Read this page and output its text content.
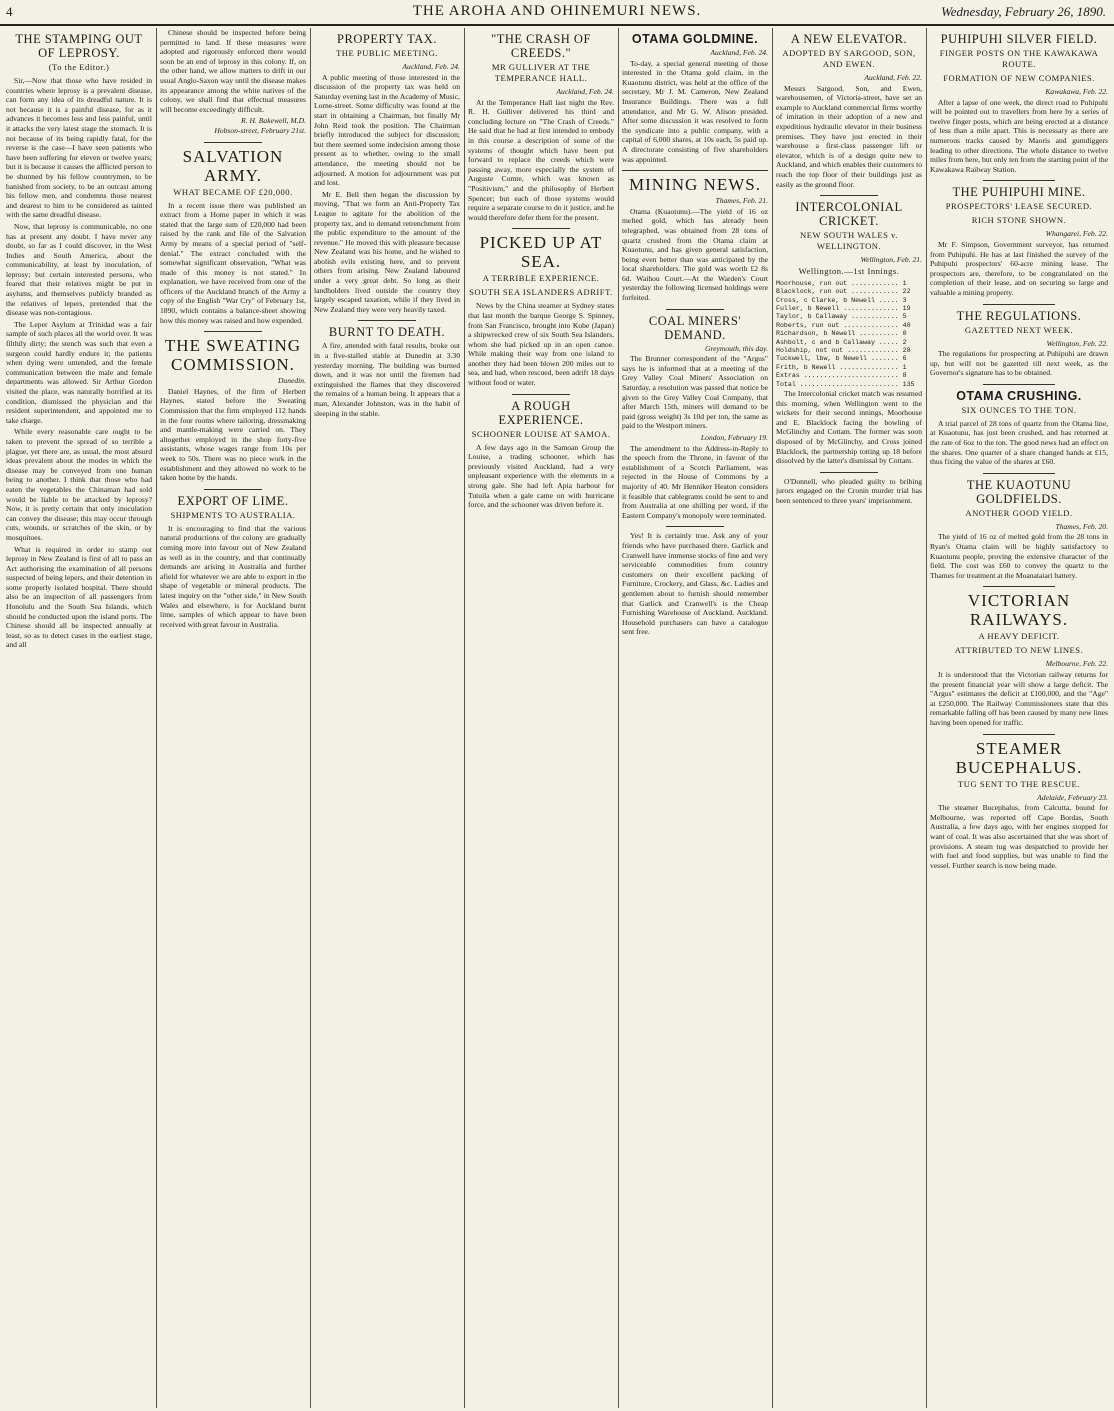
4	THE AROHA AND OHINEMURI NEWS.	Wednesday, February 26, 1890.
THE STAMPING OUT OF LEPROSY.
(To the Editor.)

Sir,—Now that those who have resided in countries where leprosy is a prevalent disease, can form any idea of its dreadful nature. It is not because it is a painful disease, for as it advances it becomes less and less painful, until it attacks the very latest stage the stomach. It is not because of its being rapidly fatal, for the reverse is the case—I have seen patients who have been suffering for eleven or twelve years; but it is because it causes the afflicted person to be shunned by his fellow countrymen, to be banished from society, to be an outcast among his fellow men, and condemns those nearest and dearest to him to be considered as tainted with the same dreadful disease.

Now, that leprosy is communicable, no one has at present any doubt. I have never any doubt, so far as I could discover, in the West Indies and South America, about the communicability, at least by inoculation, of leprosy; but certain interested persons, who feared that their relatives might be put in asylums, and themselves publicly branded as the relatives of lepers, pretended that the disease was non-contagious.

The Leper Asylum at Trinidad was a fair sample of such places all the world over. It was filthily dirty; the stench was such that even a surgeon could hardly endure it; the patients when dying were untended, and the female communication between the male and female departments was allowed. Sir Arthur Gordon visited the place, was naturally horrified at its condition, dismissed the physician and the resident superintendent, and appointed me to take charge.

While every reasonable care ought to be taken to prevent the spread of so terrible a plague, yet there are, as usual, the most absurd ideas prevalent about the modes in which the disease may be conveyed from one human being to another. I think that those who had eaten the vegetables the Chinaman had sold would be liable to be attacked by leprosy? Now, it is pretty certain that only inoculation can convey the disease; this may occur through cuts, wounds, or scratches of the skin, or by mosquitoes.

What is required in order to stamp out leprosy in New Zealand is first of all to pass an Act authorising the examination of all persons suspected of being lepers, and their detention in some properly isolated hospital. There should also be an inspection of all passengers from Honolulu and the South Sea Islands, which should be conducted upon the island ports. The Chinese should all be inspected annually at least, so as to detect cases in the earliest stage, and all

Chinese should be inspected before being permitted to land. If these measures were adopted and rigorously enforced there would soon be an end of leprosy in this colony. If, on the other hand, we allow matters to drift in our usual Anglo-Saxon way until the disease makes its appearance among the white natives of the colony, we shall find that effectual measures will become exceedingly difficult.

R. H. Bakewell, M.D.
Hobson-street, February 21st.
SALVATION ARMY.
WHAT BECAME OF £20,000.

In a recent issue there was published an extract from a Home paper in which it was stated that the large sum of £20,000 had been raised by the rank and file of the Salvation Army by means of a special period of "self-denial." The extract concluded with the somewhat significant observation, "What was made of this money is not stated." In explanation, we have received from one of the officers of the Auckland branch of the Army a copy of the English "War Cry" of February 1st, 1890, which contains a balance-sheet showing how this money was raised and how expended.

THE SWEATING COMMISSION.
Dunedin.

Daniel Haynes, of the firm of Herbert Haynes, stated before the Sweating Commission that the firm employed 112 hands in the four rooms where tailoring, dressmaking and mantle-making were carried on. They altogether employed in the shop forty-five assistants, whose wages range from 10s per week to 50s. There was no piece work in the establishment and they allowed no work to be taken home by the hands.

EXPORT OF LIME.
SHIPMENTS TO AUSTRALIA.

It is encouraging to find that the various natural productions of the colony are gradually coming more into favour out of New Zealand as well as in the country, and that continually demands are arising in Australia and further afield for whatever we are able to export in the shape of vegetable or mineral products. The latest inquiry on the "other side," in New South Wales and elsewhere, is for Auckland burnt lime, samples of which appear to have been received with great favour in Australia.

PROPERTY TAX.
THE PUBLIC MEETING.
Auckland, Feb. 24.

A public meeting of those interested in the discussion of the property tax was held on Saturday evening last in the Academy of Music, Lorne-street. Some difficulty was found at the start in obtaining a Chairman, but finally Mr John Reid took the position. The Chairman briefly introduced the subject for discussion; but there seemed some indecision among those present as to whether, owing to the small attendance, the meeting should not be adjourned. A motion for adjournment was put and lost.

Mr E. Bell then began the discussion by moving, "That we form an Anti-Property Tax League to agitate for the abolition of the property tax, and to demand retrenchment from the public expenditure to the amount of the revenue." He moved this with pleasure because New Zealand was his home, and he wished to abolish evils existing here, and to prevent others from arising. New Zealand laboured under a very great debt. So long as their landholders lived outside the country they largely escaped taxation, while if they lived in New Zealand they were very heavily taxed.

BURNT TO DEATH.

A fire, attended with fatal results, broke out in a five-stalled stable at Dunedin at 3.30 yesterday morning. The building was burned down, and it was not until the firemen had extinguished the flames that they discovered the remains of a human being. It appears that a man, Alexander Johnston, was in the habit of sleeping in the stable.

"THE CRASH OF CREEDS."
MR GULLIVER AT THE TEMPERANCE HALL.
Auckland, Feb. 24.

At the Temperance Hall last night the Rev. R. H. Gulliver delivered his third and concluding lecture on "The Crash of Creeds." He said that he had at first intended to embody in this course a description of some of the systems of thought which have been put forward to replace the creeds which were passing away, more especially the system of Auguste Comte, which was known as "Positivism," and the philosophy of Herbert Spencer; but each of those systems would require a separate course to do it justice, and he would therefore defer them for the present.

PICKED UP AT SEA.
A TERRIBLE EXPERIENCE.
SOUTH SEA ISLANDERS ADRIFT.

News by the China steamer at Sydney states that last month the barque George S. Spinney, from San Francisco, brought into Kobe (Japan) a shipwrecked crew of six South Sea Islanders, whom she had picked up in an open canoe. While making their way from one island to another they had been blown 200 miles out to sea, and had, when rescued, been adrift 18 days without food or water.

A ROUGH EXPERIENCE.
SCHOONER LOUISE AT SAMOA.

A few days ago in the Samoan Group the Louise, a trading schooner, which has previously visited Auckland, had a very unpleasant experience with the elements in a strong gale. She had left Apia harbour for Tutuila when a gale came on with hurricane force, and the schooner was driven before it.

OTAMA GOLDMINE.
Auckland, Feb. 24.

To-day, a special general meeting of those interested in the Otama gold claim, in the Kuaotunu district, was held at the office of the secretary, Mr J. M. Cameron, New Zealand Insurance Buildings. There was a full attendance, and Mr G. W. Alison presided. After some discussion it was resolved to form the syndicate into a public company, with a capital of 6,000 shares, at 10s each, 5s paid up. A directorate consisting of five shareholders was appointed.

MINING NEWS.
Thames, Feb. 21.

Otama (Kuaotunu).—The yield of 16 oz melted gold, which has already been telegraphed, was obtained from 28 tons of quartz crushed from the Otama claim at Kuaotunu, and has given general satisfaction, being even better than was anticipated by the local shareholders. The gold was worth £2 8s 6d. Waihou Court.—At the Warden's Court yesterday the following licensed holdings were forfeited.

COAL MINERS' DEMAND.
Greymouth, this day.

The Brunner correspondent of the "Argus" says he is informed that at a meeting of the Grey Valley Coal Miners' Association on Saturday, a resolution was passed that notice be given to the Grey Valley Coal Company, that after March 15th, miners will demand to be paid (gross weight) 3s 10d per ton, the same as paid to the Westport miners.

London, February 19.

The amendment to the Address-in-Reply to the speech from the Throne, in favour of the establishment of a Scotch Parliament, was rejected in the House of Commons by a majority of 40. Mr Henniker Heaton considers it feasible that cablegrams could be sent to and from Australia at one shilling per word, if the Eastern Company's monopoly were terminated.

Yes! It is certainly true. Ask any of your friends who have purchased there. Garlick and Cranwell have immense stocks of fine and very serviceable commodities from country customers on their excellent packing of Furniture, Crockery, and Glass, &c. Ladies and gentlemen about to furnish should remember that Garlick and Cranwell's is the Cheap Furnishing Warehouse of Auckland. Auckland. Household purchasers can have a catalogue sent free.

A NEW ELEVATOR.
ADOPTED BY SARGOOD, SON, AND EWEN.
Auckland, Feb. 22.

Messrs Sargood, Son, and Ewen, warehousemen, of Victoria-street, have set an example to Auckland commercial firms worthy of imitation in their adoption of a new and expeditious hydraulic elevator in their business premises. They have just erected in their warehouse a first-class passenger lift or elevator, which is of a design quite new to Auckland, and which enables their customers to reach the top floor of their buildings just as easily as the ground floor.

INTERCOLONIAL CRICKET.
NEW SOUTH WALES v. WELLINGTON.
Wellington, Feb. 21.
Wellington.—1st Innings.
Moorhouse, run out ............ 1
Blacklock, run out ............ 22
Cross, c Clarke, b Newell ..... 3
Fuller, b Newell .............. 19
Taylor, b Callaway ............ 5
Roberts, run out .............. 40
Richardson, b Newell .......... 0
Ashbolt, c and b Callaway ..... 2
Holdship, not out ............. 28
Tuckwell, lbw, b Newell ....... 6
Frith, b Newell ............... 1
Extras ........................ 8
Total ......................... 135

The Intercolonial cricket match was resumed this morning, when Wellington went to the wickets for their second innings, Moorhouse and E. Blacklock facing the bowling of McGlinchy and Cottam. The former was soon disposed of by McGlinchy, and Cross joined Blacklock, the partnership totting up 18 before dissolved by the latter's dismissal by Cottam.

O'Donnell, who pleaded guilty to bribing jurors engaged on the Cronin murder trial has been sentenced to three years' imprisonment.

PUHIPUHI SILVER FIELD.
FINGER POSTS ON THE KAWAKAWA ROUTE.
FORMATION OF NEW COMPANIES.
Kawakawa, Feb. 22.

After a lapse of one week, the direct road to Puhipuhi will be pointed out to travellers from here by a series of twelve finger posts, which are being erected at a distance of less than a mile apart. This is necessary as there are numerous tracks caused by Maoris and gumdiggers leading to other directions. The whole distance to twelve miles from here, but only ten from the starting point of the Kawakawa Railway Station.

THE PUHIPUHI MINE.
PROSPECTORS' LEASE SECURED.
RICH STONE SHOWN.
Whangarei, Feb. 22.

Mr F. Simpson, Government surveyor, has returned from Puhipuhi. He has at last finished the survey of the Puhipuhi prospectors' 60-acre mining lease. The prospectors are, therefore, to be congratulated on the completion of their lease, and on securing so large and valuable a mining property.

THE REGULATIONS.
GAZETTED NEXT WEEK.
Wellington, Feb. 22.

The regulations for prospecting at Puhipuhi are drawn up, but will not be gazetted till next week, as the Governor's signature has to be obtained.

OTAMA CRUSHING.
SIX OUNCES TO THE TON.

A trial parcel of 28 tons of quartz from the Otama line, at Kuaotunu, has just been crushed, and has returned at the rate of 6oz to the ton. The good news had an effect on the shares. One quarter of a share changed hands at £15, thus fixing the value of the shares at £60.

THE KUAOTUNU GOLDFIELDS.
ANOTHER GOOD YIELD.
Thames, Feb. 20.

The yield of 16 oz of melted gold from the 28 tons in Ryan's Otama claim will be highly satisfactory to Kuaotunu people, proving the extensive character of the field. The cost was £60 to convey the quartz to the Thames for treatment at the Moanataiari battery.

VICTORIAN RAILWAYS.
A HEAVY DEFICIT.
ATTRIBUTED TO NEW LINES.
Melbourne, Feb. 22.

It is understood that the Victorian railway returns for the present financial year will show a large deficit. The "Argus" estimates the deficit at £100,000, and the "Age" at £250,000. The Railway Commissioners state that this remarkable falling off has been caused by many new lines having been opened for traffic.

STEAMER BUCEPHALUS.
TUG SENT TO THE RESCUE.
Adelaide, February 23.

The steamer Bucephalus, from Calcutta, bound for Melbourne, was reported off Cape Bordas, South Australia, a few days ago, with her engines stopped for want of coal. It was also ascertained that she was short of provisions. A steam tug was despatched to provide her with fuel and food supplies, but was unable to find the vessel. Further search is now being made.
